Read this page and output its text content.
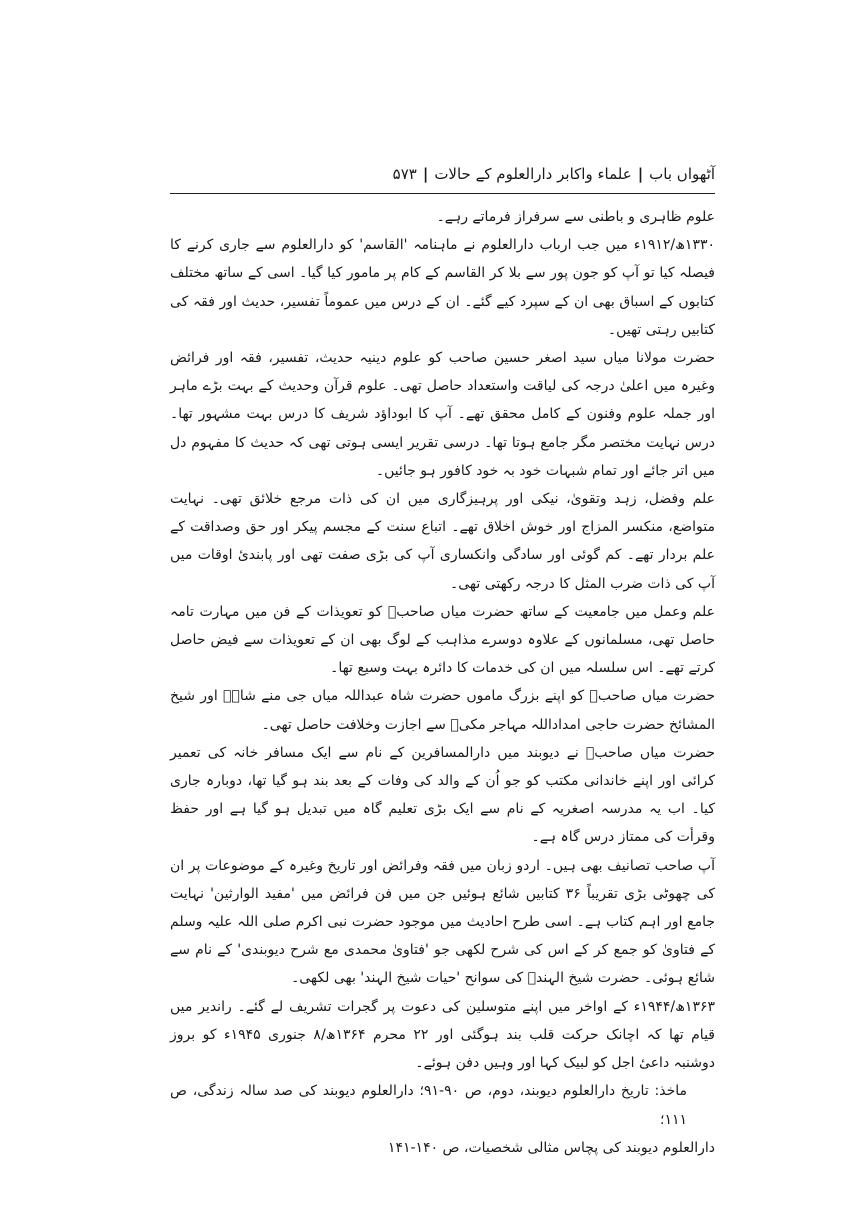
آٹھواں باب
|
علماء واکابر دارالعلوم کے حالات
|
۵۷۳

علوم ظاہری و باطنی سے سرفراز فرماتے رہے۔

۱۳۳۰ھ/۱۹۱۲ء میں جب ارباب دارالعلوم نے ماہنامہ 'القاسم' کو دارالعلوم سے جاری کرنے کا فیصلہ کیا تو آپ کو جون پور سے بلا کر القاسم کے کام پر مامور کیا گیا۔ اسی کے ساتھ مختلف کتابوں کے اسباق بھی ان کے سپرد کیے گئے۔ ان کے درس میں عموماً تفسیر، حدیث اور فقہ کی کتابیں رہتی تھیں۔

حضرت مولانا میاں سید اصغر حسین صاحب کو علوم دینیہ حدیث، تفسیر، فقہ اور فرائض وغیرہ میں اعلیٰ درجہ کی لیاقت واستعداد حاصل تھی۔ علوم قرآن وحدیث کے بہت بڑے ماہر اور جملہ علوم وفنون کے کامل محقق تھے۔ آپ کا ابوداؤد شریف کا درس بہت مشہور تھا۔ درس نہایت مختصر مگر جامع ہوتا تھا۔ درسی تقریر ایسی ہوتی تھی کہ حدیث کا مفہوم دل میں اتر جائے اور تمام شبہات خود بہ خود کافور ہو جائیں۔

علم وفضل، زہد وتقویٰ، نیکی اور پرہیزگاری میں ان کی ذات مرجع خلائق تھی۔ نہایت متواضع، منکسر المزاج اور خوش اخلاق تھے۔ اتباع سنت کے مجسم پیکر اور حق وصداقت کے علم بردار تھے۔ کم گوئی اور سادگی وانکساری آپ کی بڑی صفت تھی اور پابندیٔ اوقات میں آپ کی ذات ضرب المثل کا درجہ رکھتی تھی۔

علم وعمل میں جامعیت کے ساتھ حضرت میاں صاحبؒ کو تعویذات کے فن میں مہارت تامہ حاصل تھی، مسلمانوں کے علاوہ دوسرے مذاہب کے لوگ بھی ان کے تعویذات سے فیض حاصل کرتے تھے۔ اس سلسلہ میں ان کی خدمات کا دائرہ بہت وسیع تھا۔

حضرت میاں صاحبؒ کو اپنے بزرگ ماموں حضرت شاہ عبداللہ میاں جی منے شاہؒ اور شیخ المشائخ حضرت حاجی امداداللہ مہاجر مکیؒ سے اجازت وخلافت حاصل تھی۔

حضرت میاں صاحبؒ نے دیوبند میں دارالمسافرین کے نام سے ایک مسافر خانہ کی تعمیر کرائی اور اپنے خاندانی مکتب کو جو اُن کے والد کی وفات کے بعد بند ہو گیا تھا، دوبارہ جاری کیا۔ اب یہ مدرسہ اصغریہ کے نام سے ایک بڑی تعلیم گاہ میں تبدیل ہو گیا ہے اور حفظ وقرأت کی ممتاز درس گاہ ہے۔

آپ صاحب تصانیف بھی ہیں۔ اردو زبان میں فقہ وفرائض اور تاریخ وغیرہ کے موضوعات پر ان کی چھوٹی بڑی تقریباً ۳۶ کتابیں شائع ہوئیں جن میں فن فرائض میں 'مفید الوارثین' نہایت جامع اور اہم کتاب ہے۔ اسی طرح احادیث میں موجود حضرت نبی اکرم صلی اللہ علیہ وسلم کے فتاویٰ کو جمع کر کے اس کی شرح لکھی جو 'فتاویٰ محمدی مع شرح دیوبندی' کے نام سے شائع ہوئی۔ حضرت شیخ الہندؒ کی سوانح 'حیات شیخ الہند' بھی لکھی۔

۱۳۶۳ھ/۱۹۴۴ء کے اواخر میں اپنے متوسلین کی دعوت پر گجرات تشریف لے گئے۔ راندیر میں قیام تھا کہ اچانک حرکت قلب بند ہوگئی اور ۲۲ محرم ۱۳۶۴ھ/۸ جنوری ۱۹۴۵ء کو بروز دوشنبہ داعیٔ اجل کو لبیک کہا اور وہیں دفن ہوئے۔

ماخذ: تاریخ دارالعلوم دیوبند، دوم، ص ۹۰-۹۱؛ دارالعلوم دیوبند کی صد سالہ زندگی، ص ۱۱۱؛

دارالعلوم دیوبند کی پچاس مثالی شخصیات، ص ۱۴۰-۱۴۱
